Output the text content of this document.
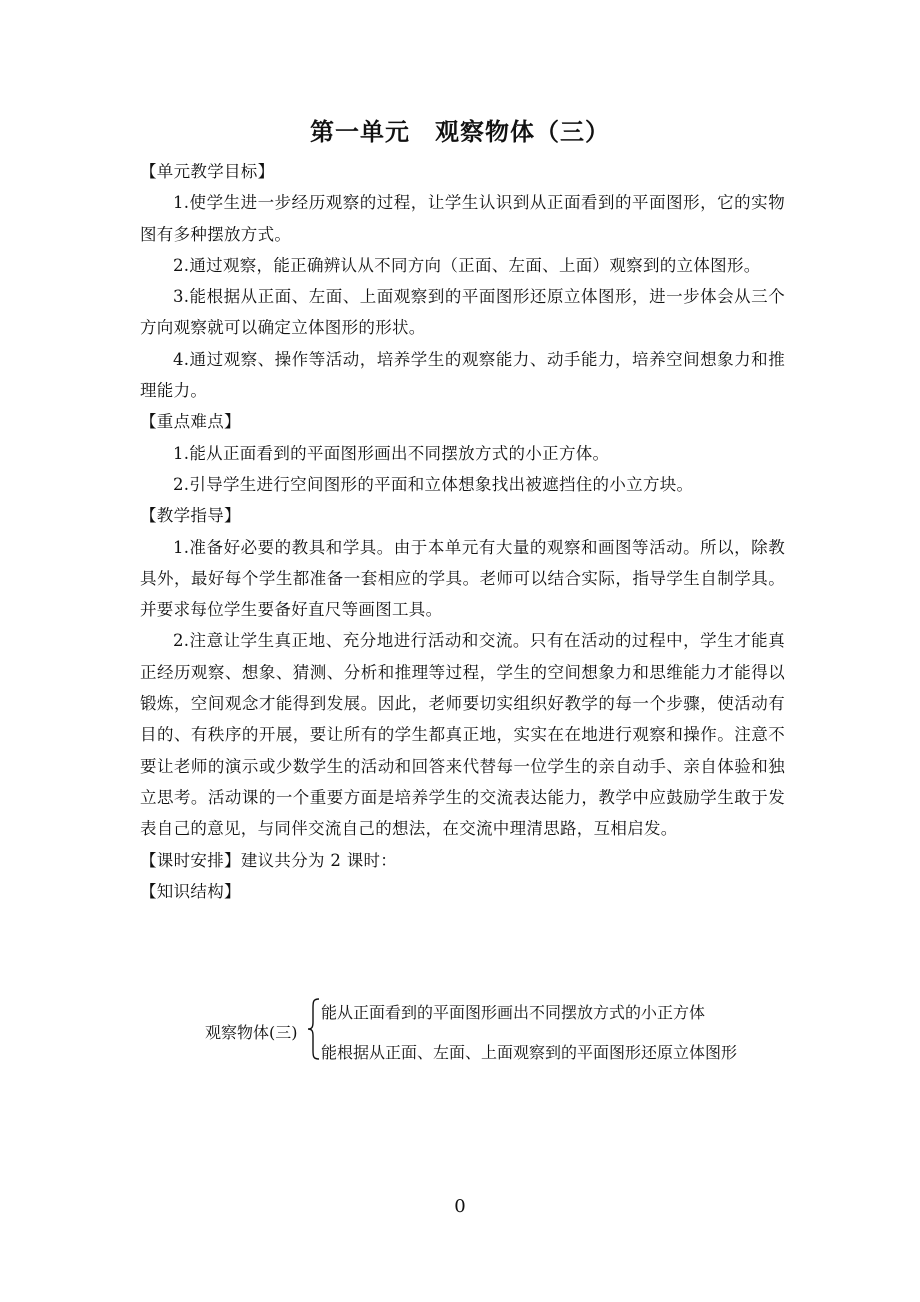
第一单元　观察物体（三）

【单元教学目标】

1.使学生进一步经历观察的过程，让学生认识到从正面看到的平面图形，它的实物图有多种摆放方式。

2.通过观察，能正确辨认从不同方向（正面、左面、上面）观察到的立体图形。

3.能根据从正面、左面、上面观察到的平面图形还原立体图形，进一步体会从三个方向观察就可以确定立体图形的形状。

4.通过观察、操作等活动，培养学生的观察能力、动手能力，培养空间想象力和推理能力。

【重点难点】

1.能从正面看到的平面图形画出不同摆放方式的小正方体。

2.引导学生进行空间图形的平面和立体想象找出被遮挡住的小立方块。

【教学指导】

1.准备好必要的教具和学具。由于本单元有大量的观察和画图等活动。所以，除教具外，最好每个学生都准备一套相应的学具。老师可以结合实际，指导学生自制学具。并要求每位学生要备好直尺等画图工具。

2.注意让学生真正地、充分地进行活动和交流。只有在活动的过程中，学生才能真正经历观察、想象、猜测、分析和推理等过程，学生的空间想象力和思维能力才能得以锻炼，空间观念才能得到发展。因此，老师要切实组织好教学的每一个步骤，使活动有目的、有秩序的开展，要让所有的学生都真正地，实实在在地进行观察和操作。注意不要让老师的演示或少数学生的活动和回答来代替每一位学生的亲自动手、亲自体验和独立思考。活动课的一个重要方面是培养学生的交流表达能力，教学中应鼓励学生敢于发表自己的意见，与同伴交流自己的想法，在交流中理清思路，互相启发。

【课时安排】建议共分为 2 课时：

【知识结构】

观察物体(三)
能从正面看到的平面图形画出不同摆放方式的小正方体
能根据从正面、左面、上面观察到的平面图形还原立体图形
0
